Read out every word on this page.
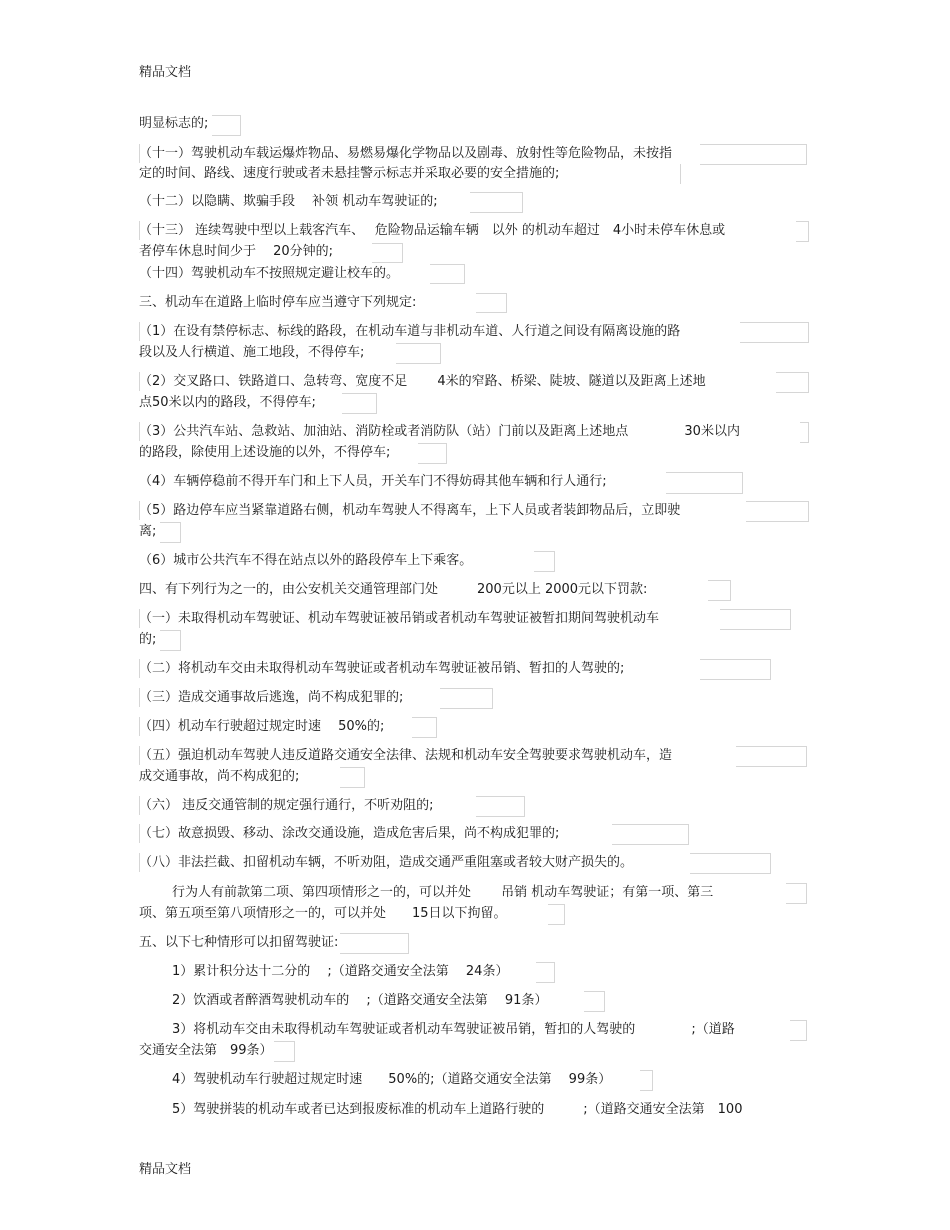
精品文档
明显标志的;
（十一）驾驶机动车载运爆炸物品、易燃易爆化学物品以及剧毒、放射性等危险物品，未按指
定的时间、路线、速度行驶或者未悬挂警示标志并采取必要的安全措施的;
（十二）以隐瞒、欺骗手段　 补领 机动车驾驶证的;
（十三） 连续驾驶中型以上载客汽车、　 危险物品运输车辆　以外 的机动车超过　4小时未停车休息或
者停车休息时间少于　 20分钟的;
（十四）驾驶机动车不按照规定避让校车的。
三、机动车在道路上临时停车应当遵守下列规定:
（1）在设有禁停标志、标线的路段，在机动车道与非机动车道、人行道之间设有隔离设施的路
段以及人行横道、施工地段，不得停车;
（2）交叉路口、铁路道口、急转弯、宽度不足　　 4米的窄路、桥梁、陡坡、隧道以及距离上述地
点50米以内的路段，不得停车;
（3）公共汽车站、急救站、加油站、消防栓或者消防队（站）门前以及距离上述地点　　　　 30米以内
的路段，除使用上述设施的以外，不得停车;
（4）车辆停稳前不得开车门和上下人员，开关车门不得妨碍其他车辆和行人通行;
（5）路边停车应当紧靠道路右侧，机动车驾驶人不得离车，上下人员或者装卸物品后，立即驶
离;
（6）城市公共汽车不得在站点以外的路段停车上下乘客。
四、有下列行为之一的，由公安机关交通管理部门处　　　200元以上 2000元以下罚款:
（一）未取得机动车驾驶证、机动车驾驶证被吊销或者机动车驾驶证被暂扣期间驾驶机动车
的;
（二）将机动车交由未取得机动车驾驶证或者机动车驾驶证被吊销、暂扣的人驾驶的;
（三）造成交通事故后逃逸，尚不构成犯罪的;
（四）机动车行驶超过规定时速　 50%的;
（五）强迫机动车驾驶人违反道路交通安全法律、法规和机动车安全驾驶要求驾驶机动车，造
成交通事故，尚不构成犯的;
（六） 违反交通管制的规定强行通行，不听劝阻的;
（七）故意损毁、移动、涂改交通设施，造成危害后果，尚不构成犯罪的;
（八）非法拦截、扣留机动车辆，不听劝阻，造成交通严重阻塞或者较大财产损失的。
行为人有前款第二项、第四项情形之一的，可以并处　　 吊销 机动车驾驶证；有第一项、第三
项、第五项至第八项情形之一的，可以并处　　15日以下拘留。
五、以下七种情形可以扣留驾驶证:
1）累计积分达十二分的　 ;（道路交通安全法第　 24条）
2）饮酒或者醉酒驾驶机动车的　 ;（道路交通安全法第　 91条）
3）将机动车交由未取得机动车驾驶证或者机动车驾驶证被吊销，暂扣的人驾驶的　　　　 ;（道路
交通安全法第　99条）
4）驾驶机动车行驶超过规定时速　　50%的;（道路交通安全法第　 99条）
5）驾驶拼装的机动车或者已达到报废标准的机动车上道路行驶的　　　;（道路交通安全法第　100
精品文档
